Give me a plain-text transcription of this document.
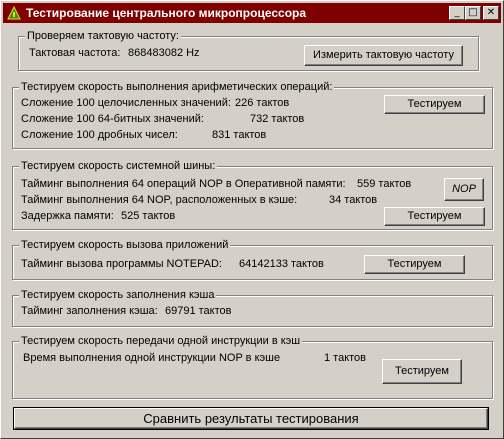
Тестирование центрального микропроцессора	_ □ ✕
Проверяем тактовую частоту:
Тактовая частота: 868483082 Hz	Измерить тактовую частоту
Тестируем скорость выполнения арифметических операций:
Сложение 100 целочисленных значений: 226 тактов
Сложение 100 64-битных значений:	732 тактов
Сложение 100 дробных чисел:	831 тактов
Тестируем
Тестируем скорость системной шины:
Тайминг выполнения 64 операций NOP в Оперативной памяти: 559 тактов
Тайминг выполнения 64 NOP, расположенных в кэше:	34 тактов
Задержка памяти: 525 тактов
NOP
Тестируем
Тестируем скорость вызова приложений
Тайминг вызова программы NOTEPAD: 64142133 тактов	Тестируем
Тестируем скорость заполнения кэша
Тайминг заполнения кэша: 69791 тактов
Тестируем скорость передачи одной инструкции в кэш
Время выполнения одной инструкции NOP в кэше	1 тактов
Тестируем
Сравнить результаты тестирования
